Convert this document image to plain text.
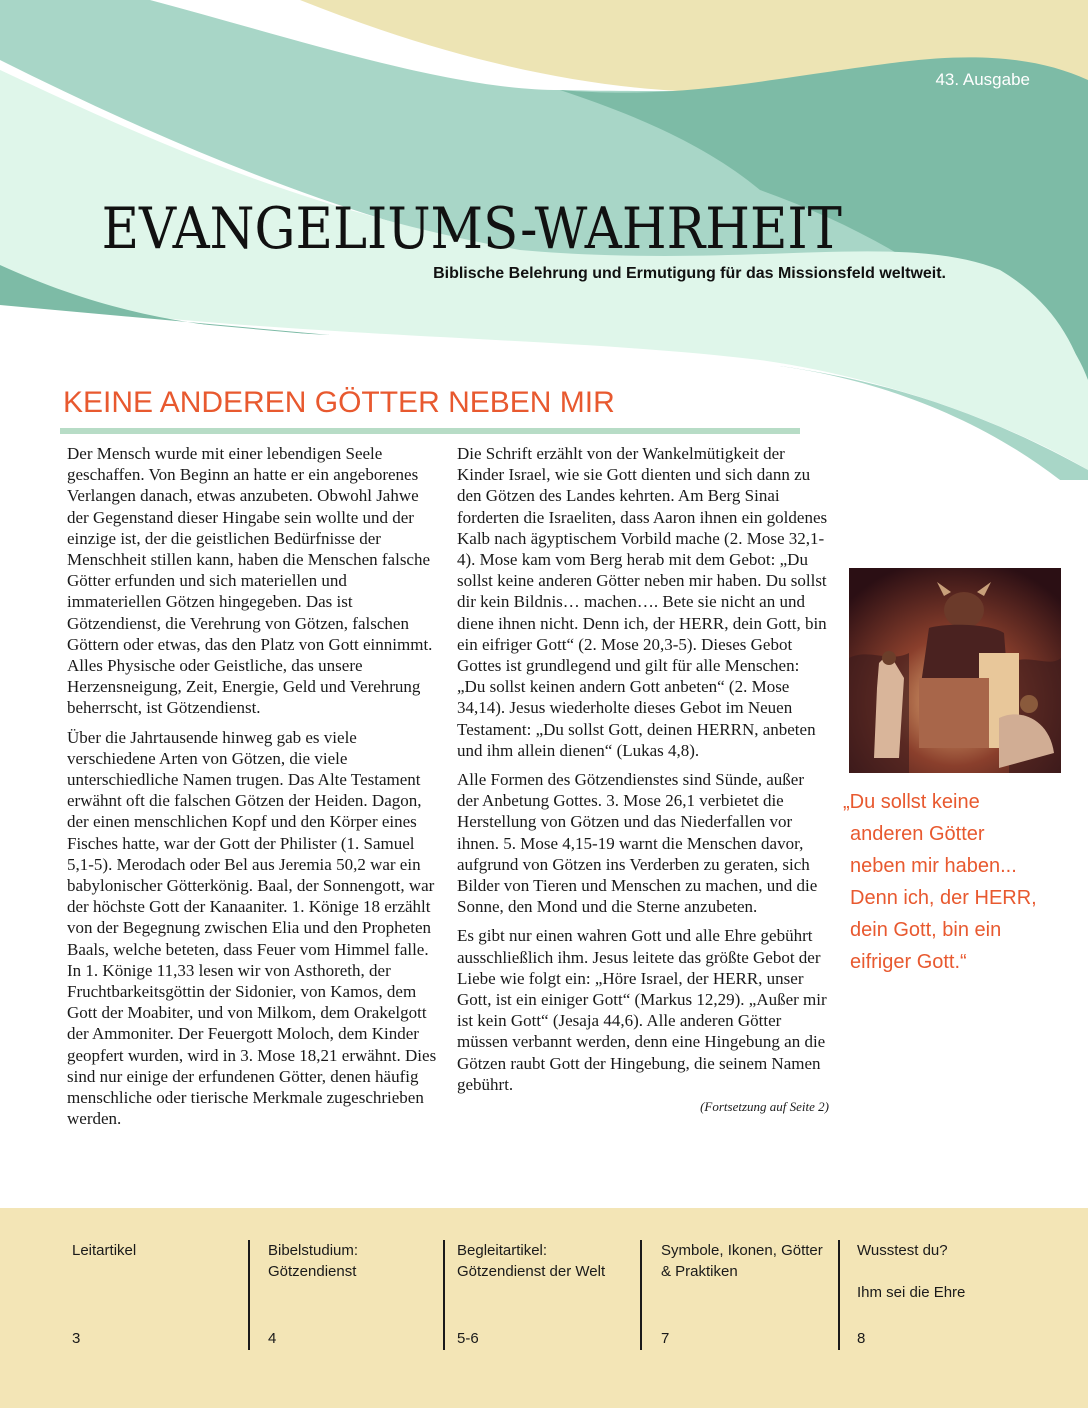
43. Ausgabe
EVANGELIUMS-WAHRHEIT
Biblische Belehrung und Ermutigung für das Missionsfeld weltweit.
KEINE ANDEREN GÖTTER NEBEN MIR

Der Mensch wurde mit einer lebendigen Seele geschaffen. Von Beginn an hatte er ein angeborenes Verlangen danach, etwas anzubeten. Obwohl Jahwe der Gegenstand dieser Hingabe sein wollte und der einzige ist, der die geistlichen Bedürfnisse der Menschheit stillen kann, haben die Menschen falsche Götter erfunden und sich materiellen und immateriellen Götzen hingegeben. Das ist Götzendienst, die Verehrung von Götzen, falschen Göttern oder etwas, das den Platz von Gott einnimmt. Alles Physische oder Geistliche, das unsere Herzensneigung, Zeit, Energie, Geld und Verehrung beherrscht, ist Götzendienst.

Über die Jahrtausende hinweg gab es viele verschiedene Arten von Götzen, die viele unterschiedliche Namen trugen. Das Alte Testament erwähnt oft die falschen Götzen der Heiden. Dagon, der einen menschlichen Kopf und den Körper eines Fisches hatte, war der Gott der Philister (1. Samuel 5,1-5). Merodach oder Bel aus Jeremia 50,2 war ein babylonischer Götterkönig. Baal, der Sonnengott, war der höchste Gott der Kanaaniter. 1. Könige 18 erzählt von der Begegnung zwischen Elia und den Propheten Baals, welche beteten, dass Feuer vom Himmel falle. In 1. Könige 11,33 lesen wir von Asthoreth, der Fruchtbarkeitsgöttin der Sidonier, von Kamos, dem Gott der Moabiter, und von Milkom, dem Orakelgott der Ammoniter. Der Feuergott Moloch, dem Kinder geopfert wurden, wird in 3. Mose 18,21 erwähnt. Dies sind nur einige der erfundenen Götter, denen häufig menschliche oder tierische Merkmale zugeschrieben werden.

Die Schrift erzählt von der Wankelmütigkeit der Kinder Israel, wie sie Gott dienten und sich dann zu den Götzen des Landes kehrten. Am Berg Sinai forderten die Israeliten, dass Aaron ihnen ein goldenes Kalb nach ägyptischem Vorbild mache (2. Mose 32,1-4). Mose kam vom Berg herab mit dem Gebot: „Du sollst keine anderen Götter neben mir haben. Du sollst dir kein Bildnis… machen…. Bete sie nicht an und diene ihnen nicht. Denn ich, der HERR, dein Gott, bin ein eifriger Gott“ (2. Mose 20,3-5). Dieses Gebot Gottes ist grundlegend und gilt für alle Menschen: „Du sollst keinen andern Gott anbeten“ (2. Mose 34,14). Jesus wiederholte dieses Gebot im Neuen Testament: „Du sollst Gott, deinen HERRN, anbeten und ihm allein dienen“ (Lukas 4,8).

Alle Formen des Götzendienstes sind Sünde, außer der Anbetung Gottes. 3. Mose 26,1 verbietet die Herstellung von Götzen und das Niederfallen vor ihnen. 5. Mose 4,15-19 warnt die Menschen davor, aufgrund von Götzen ins Verderben zu geraten, sich Bilder von Tieren und Menschen zu machen, und die Sonne, den Mond und die Sterne anzubeten.

Es gibt nur einen wahren Gott und alle Ehre gebührt ausschließlich ihm. Jesus leitete das größte Gebot der Liebe wie folgt ein: „Höre Israel, der HERR, unser Gott, ist ein einiger Gott“ (Markus 12,29). „Außer mir ist kein Gott“ (Jesaja 44,6). Alle anderen Götter müssen verbannt werden, denn eine Hingebung an die Götzen raubt Gott der Hingebung, die seinem Namen gebührt.

(Fortsetzung auf Seite 2)
„Du sollst keine
anderen Götter
neben mir haben...
Denn ich, der HERR,
dein Gott, bin ein
eifriger Gott.“
Leitartikel
3
Bibelstudium: Götzendienst
4
Begleitartikel: Götzendienst der Welt
5-6
Symbole, Ikonen, Götter & Praktiken
7
Wusstest du?
Ihm sei die Ehre
8
